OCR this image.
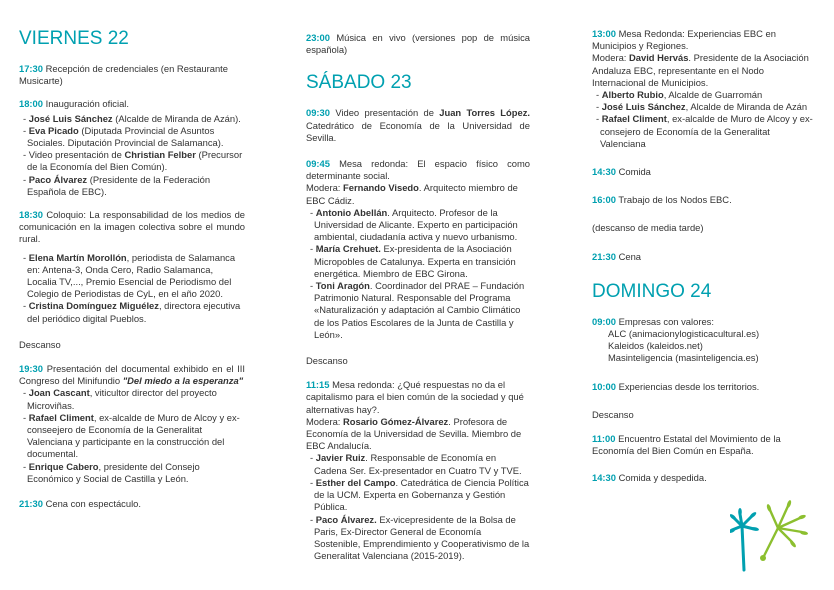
VIERNES 22
17:30 Recepción de credenciales (en Restaurante Musicarte)
18:00 Inauguración oficial.
- José Luis Sánchez (Alcalde de Miranda de Azán).
- Eva Picado (Diputada Provincial de Asuntos Sociales. Diputación Provincial de Salamanca).
- Video presentación de Christian Felber (Precursor de la Economía del Bien Común).
- Paco Álvarez (Presidente de la Federación Española de EBC).
18:30 Coloquio: La responsabilidad de los medios de comunicación en la imagen colectiva sobre el mundo rural.
- Elena Martín Morollón, periodista de Salamanca en: Antena-3, Onda Cero, Radio Salamanca, Localia TV,..., Premio Esencial de Periodismo del Colegio de Periodistas de CyL, en el año 2020.
- Cristina Domínguez Miguélez, directora ejecutiva del periódico digital Pueblos.
Descanso
19:30 Presentación del documental exhibido en el III Congreso del Minifundio "Del miedo a la esperanza"
- Joan Cascant, viticultor director del proyecto Microviñas.
- Rafael Climent, ex-alcalde de Muro de Alcoy y ex-conseejero de Economía de la Generalitat Valenciana y participante en la construcción del documental.
- Enrique Cabero, presidente del Consejo Económico y Social de Castilla y León.
21:30 Cena con espectáculo.
23:00 Música en vivo (versiones pop de música española)
SÁBADO 23
09:30 Video presentación de Juan Torres López. Catedrático de Economía de la Universidad de Sevilla.
09:45 Mesa redonda: El espacio físico como determinante social.
Modera: Fernando Visedo. Arquitecto miembro de EBC Cádiz.
- Antonio Abellán. Arquitecto. Profesor de la Universidad de Alicante. Experto en participación ambiental, ciudadanía activa y nuevo urbanismo.
- María Crehuet. Ex-presidenta de la Asociación Micropobles de Catalunya. Experta en transición energética. Miembro de EBC Girona.
- Toni Aragón. Coordinador del PRAE – Fundación Patrimonio Natural. Responsable del Programa «Naturalización y adaptación al Cambio Climático de los Patios Escolares de la Junta de Castilla y León».
Descanso
11:15 Mesa redonda: ¿Qué respuestas no da el capitalismo para el bien común de la sociedad y qué alternativas hay?.
Modera: Rosario Gómez-Álvarez. Profesora de Economía de la Universidad de Sevilla. Miembro de EBC Andalucía.
- Javier Ruiz. Responsable de Economía en Cadena Ser. Ex-presentador en Cuatro TV y TVE.
- Esther del Campo. Catedrática de Ciencia Política de la UCM. Experta en Gobernanza y Gestión Pública.
- Paco Álvarez. Ex-vicepresidente de la Bolsa de Paris, Ex-Director General de Economía Sostenible, Emprendimiento y Cooperativismo de la Generalitat Valenciana (2015-2019).
13:00 Mesa Redonda: Experiencias EBC en Municipios y Regiones.
Modera: David Hervás. Presidente de la Asociación Andaluza EBC, representante en el Nodo Internacional de Municipios.
- Alberto Rubio, Alcalde de Guarromán
- José Luis Sánchez, Alcalde de Miranda de Azán
- Rafael Climent, ex-alcalde de Muro de Alcoy y ex-consejero de Economía de la Generalitat Valenciana
14:30 Comida
16:00 Trabajo de los Nodos EBC.
(descanso de media tarde)
21:30 Cena
DOMINGO 24
09:00 Empresas con valores:
ALC (animacionylogisticacultural.es)
Kaleidos (kaleidos.net)
Masinteligencia (masinteligencia.es)
10:00 Experiencias desde los territorios.
Descanso
11:00 Encuentro Estatal del Movimiento de la Economía del Bien Común en España.
14:30 Comida y despedida.
